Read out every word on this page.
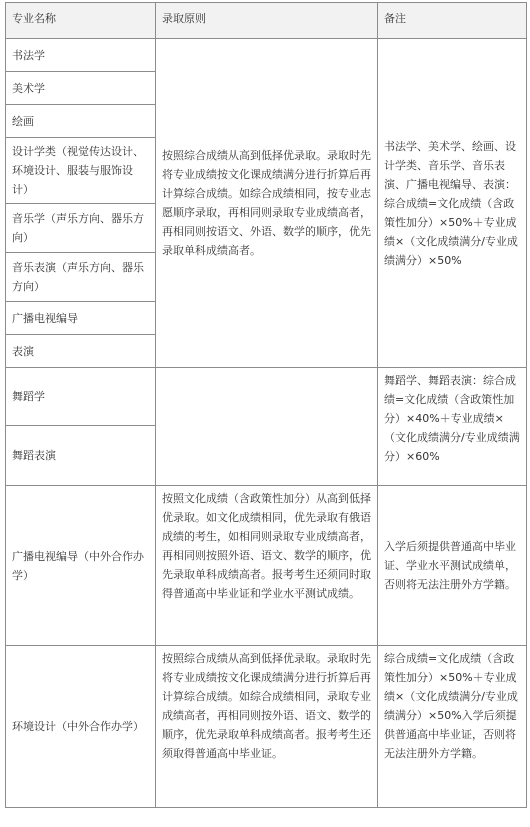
专业名称	录取原则	备注
书法学	按照综合成绩从高到低择优录取。录取时先将专业成绩按文化课成绩满分进行折算后再计算综合成绩。如综合成绩相同，按专业志愿顺序录取，再相同则录取专业成绩高者，再相同则按语文、外语、数学的顺序，优先录取单科成绩高者。	书法学、美术学、绘画、设计学类、音乐学、音乐表演、广播电视编导、表演：综合成绩=文化成绩（含政策性加分）×50%＋专业成绩×（文化成绩满分/专业成绩满分）×50%
美术学		
绘画		
设计学类（视觉传达设计、环境设计、服装与服饰设计）		
音乐学（声乐方向、器乐方向）		
音乐表演（声乐方向、器乐方向）		
广播电视编导		
表演		
舞蹈学		舞蹈学、舞蹈表演：综合成绩=文化成绩（含政策性加分）×40%＋专业成绩×（文化成绩满分/专业成绩满分）×60%
舞蹈表演		
广播电视编导（中外合作办学）	按照文化成绩（含政策性加分）从高到低择优录取。如文化成绩相同，优先录取有俄语成绩的考生，如相同则录取专业成绩高者，再相同则按照外语、语文、数学的顺序，优先录取单科成绩高者。报考考生还须同时取得普通高中毕业证和学业水平测试成绩。	入学后须提供普通高中毕业证、学业水平测试成绩单，否则将无法注册外方学籍。
环境设计（中外合作办学）	按照综合成绩从高到低择优录取。录取时先将专业成绩按文化课成绩满分进行折算后再计算综合成绩。如综合成绩相同，录取专业成绩高者，再相同则按外语、语文、数学的顺序，优先录取单科成绩高者。报考考生还须取得普通高中毕业证。	综合成绩=文化成绩（含政策性加分）×50%＋专业成绩×（文化成绩满分/专业成绩满分）×50%入学后须提供普通高中毕业证，否则将无法注册外方学籍。
